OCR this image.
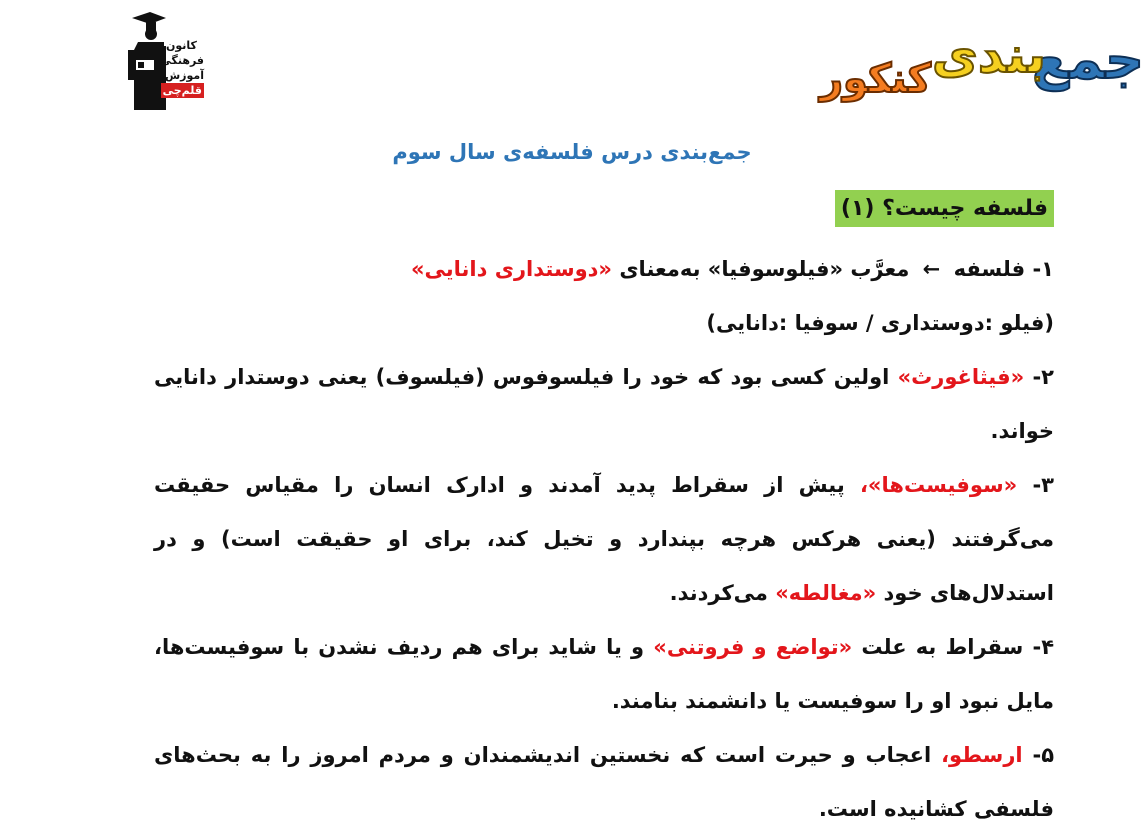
کانون
فرهنگی
آموزش
قلم‌چی	جمع
بندی
کنکور
جمع‌بندی درس فلسفه‌ی سال سوم
فلسفه چیست؟ (۱)

۱- فلسفه ← معرَّب «فیلوسوفیا» به‌معنای «دوستداری دانایی»

(فیلو :دوستداری / سوفیا :دانایی)

۲- «فیثاغورث» اولین کسی بود که خود را فیلسوفوس (فیلسوف) یعنی دوستدار دانایی خواند.

۳- «سوفیست‌ها»، پیش از سقراط پدید آمدند و ادارک انسان را مقیاس حقیقت می‌گرفتند (یعنی هرکس هرچه بپندارد و تخیل کند، برای او حقیقت است) و در استدلال‌های خود «مغالطه» می‌کردند.

۴- سقراط به علت «تواضع و فروتنی» و یا شاید برای هم ردیف نشدن با سوفیست‌ها، مایل نبود او را سوفیست یا دانشمند بنامند.

۵- ارسطو، اعجاب و حیرت است که نخستین اندیشمندان و مردم امروز را به بحث‌های فلسفی کشانیده است.
